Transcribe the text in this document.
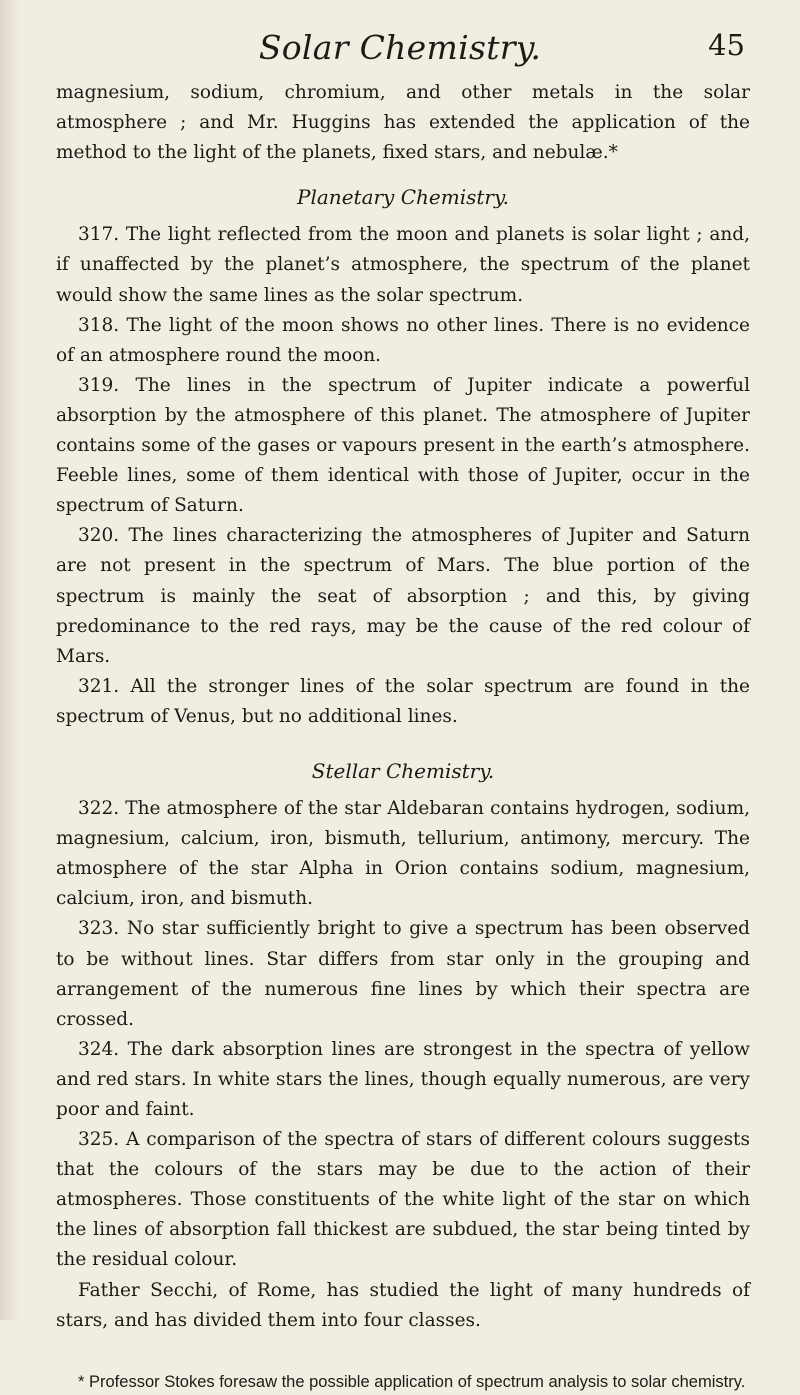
Solar Chemistry.	45

magnesium, sodium, chromium, and other metals in the solar atmosphere ; and Mr. Huggins has extended the application of the method to the light of the planets, fixed stars, and nebulæ.*

Planetary Chemistry.

317. The light reflected from the moon and planets is solar light ; and, if unaffected by the planet’s atmosphere, the spectrum of the planet would show the same lines as the solar spectrum.

318. The light of the moon shows no other lines. There is no evidence of an atmosphere round the moon.

319. The lines in the spectrum of Jupiter indicate a powerful absorption by the atmosphere of this planet. The atmosphere of Jupiter contains some of the gases or vapours present in the earth’s atmosphere. Feeble lines, some of them identical with those of Jupiter, occur in the spectrum of Saturn.

320. The lines characterizing the atmospheres of Jupiter and Saturn are not present in the spectrum of Mars. The blue portion of the spectrum is mainly the seat of absorption ; and this, by giving predominance to the red rays, may be the cause of the red colour of Mars.

321. All the stronger lines of the solar spectrum are found in the spectrum of Venus, but no additional lines.

Stellar Chemistry.

322. The atmosphere of the star Aldebaran contains hydrogen, sodium, magnesium, calcium, iron, bismuth, tellurium, antimony, mercury. The atmosphere of the star Alpha in Orion contains sodium, magnesium, calcium, iron, and bismuth.

323. No star sufficiently bright to give a spectrum has been observed to be without lines. Star differs from star only in the grouping and arrangement of the numerous fine lines by which their spectra are crossed.

324. The dark absorption lines are strongest in the spectra of yellow and red stars. In white stars the lines, though equally numerous, are very poor and faint.

325. A comparison of the spectra of stars of different colours suggests that the colours of the stars may be due to the action of their atmospheres. Those constituents of the white light of the star on which the lines of absorption fall thickest are subdued, the star being tinted by the residual colour.

Father Secchi, of Rome, has studied the light of many hundreds of stars, and has divided them into four classes.

* Professor Stokes foresaw the possible application of spectrum analysis to solar chemistry.
